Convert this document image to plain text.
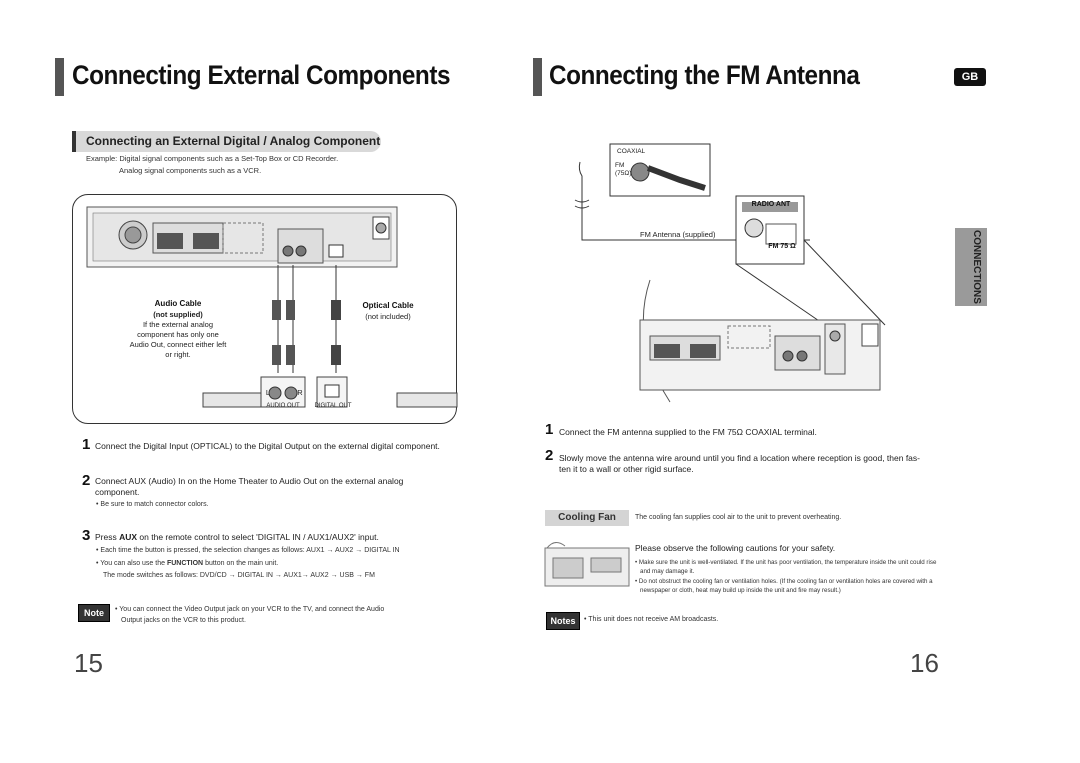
Connecting External Components
Connecting an External Digital / Analog Component
Example: Digital signal components such as a Set-Top Box or CD Recorder.
Analog signal components such as a VCR.
Audio Cable
(not supplied)
If the external analog
component has only one
Audio Out, connect either left
or right.
Optical Cable
(not included)
L	R
AUDIO OUT	DIGITAL OUT
1 Connect the Digital Input (OPTICAL) to the Digital Output on the external digital component.
2 Connect AUX (Audio) In on the Home Theater to Audio Out on the external analog
component.
• Be sure to match connector colors.
3 Press AUX on the remote control to select 'DIGITAL IN / AUX1/AUX2' input.
• Each time the button is pressed, the selection changes as follows: AUX1 → AUX2 → DIGITAL IN
• You can also use the FUNCTION button on the main unit.
The mode switches as follows: DVD/CD → DIGITAL IN → AUX1→ AUX2 → USB → FM
Note	• You can connect the Video Output jack on your VCR to the TV, and connect the Audio
Output jacks on the VCR to this product.
15
Connecting the FM Antenna	GB
CONNECTIONS
COAXIAL
FM
(75Ω)
FM Antenna (supplied)
RADIO ANT
FM 75 Ω
1 Connect the FM antenna supplied to the FM 75Ω COAXIAL terminal.
2 Slowly move the antenna wire around until you find a location where reception is good, then fas-
ten it to a wall or other rigid surface.
Cooling Fan	The cooling fan supplies cool air to the unit to prevent overheating.
Please observe the following cautions for your safety.
• Make sure the unit is well-ventilated. If the unit has poor ventilation, the temperature inside the unit could rise
and may damage it.
• Do not obstruct the cooling fan or ventilation holes. (If the cooling fan or ventilation holes are covered with a
newspaper or cloth, heat may build up inside the unit and fire may result.)
Notes	• This unit does not receive AM broadcasts.
16
